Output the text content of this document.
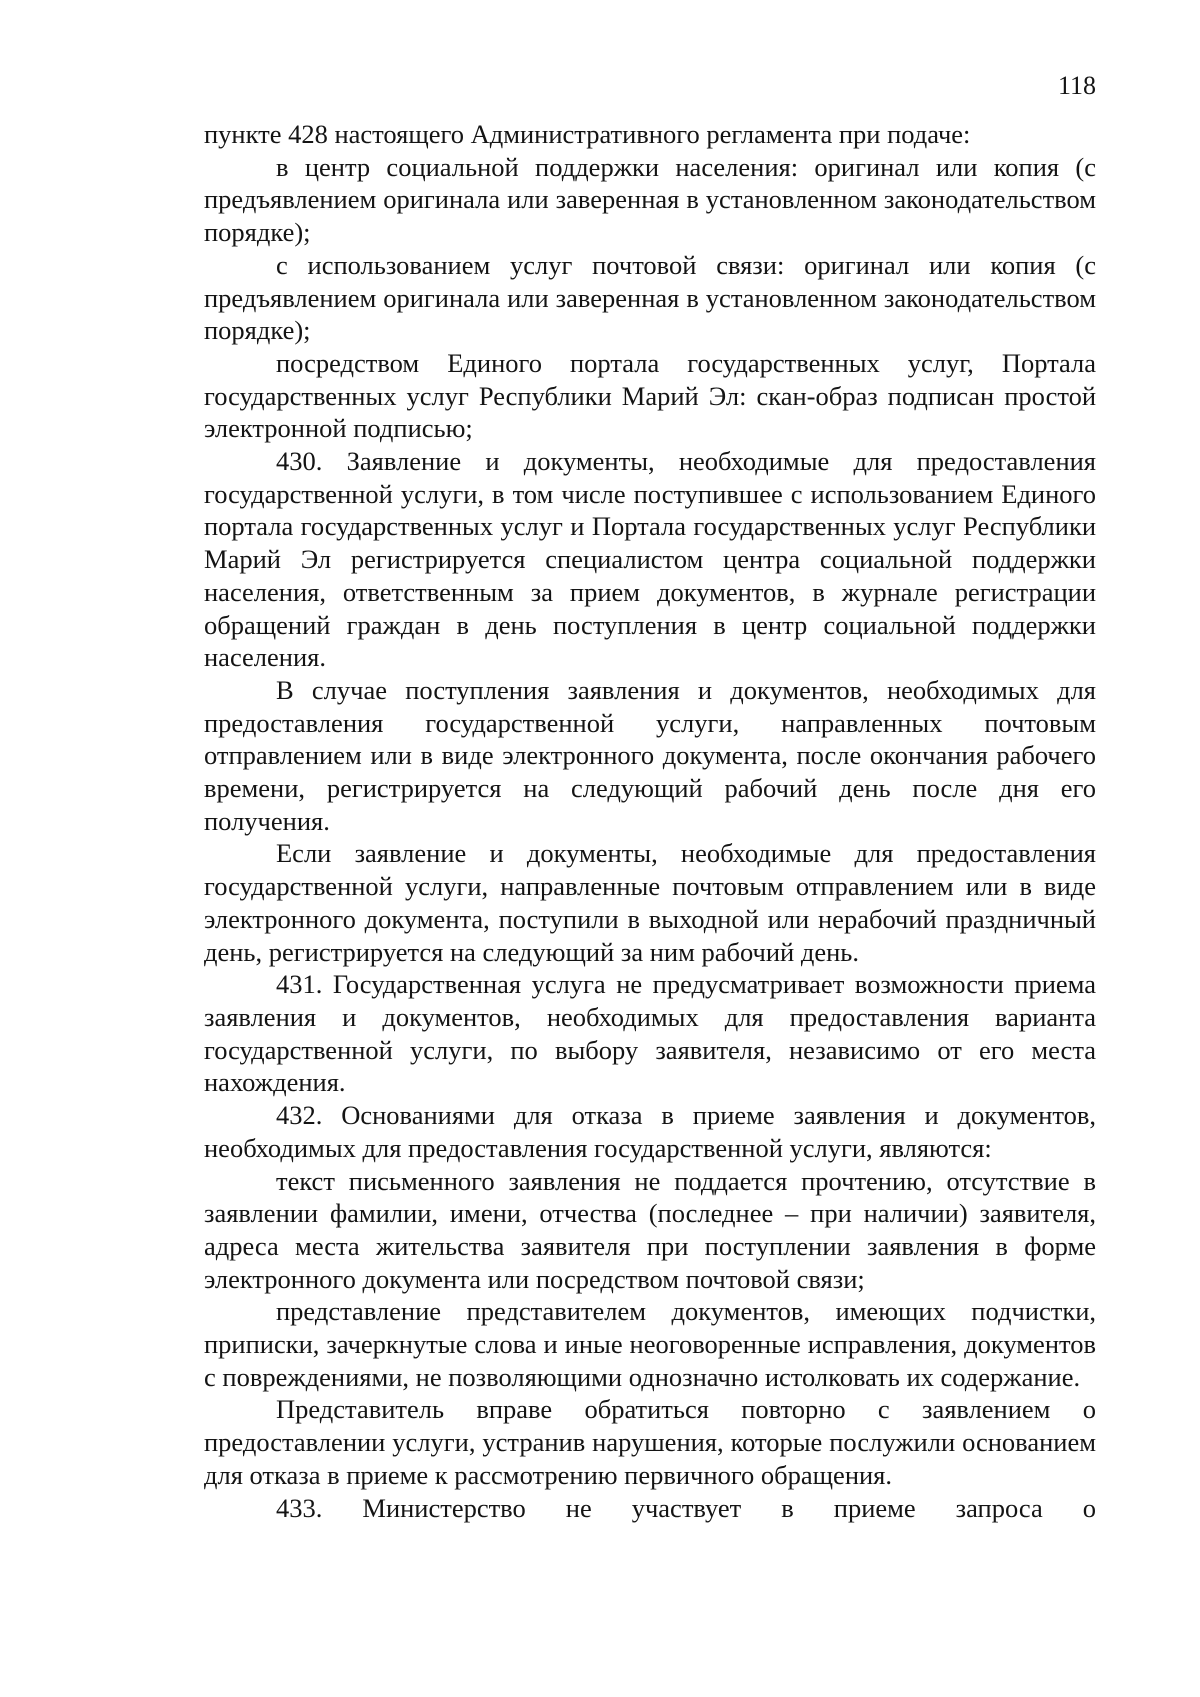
118

пункте 428 настоящего Административного регламента при подаче:

в центр социальной поддержки населения: оригинал или копия (с предъявлением оригинала или заверенная в установленном законодательством порядке);

с использованием услуг почтовой связи: оригинал или копия (с предъявлением оригинала или заверенная в установленном законодательством порядке);

посредством Единого портала государственных услуг, Портала государственных услуг Республики Марий Эл: скан-образ подписан простой электронной подписью;

430. Заявление и документы, необходимые для предоставления государственной услуги, в том числе поступившее с использованием Единого портала государственных услуг и Портала государственных услуг Республики Марий Эл регистрируется специалистом центра социальной поддержки населения, ответственным за прием документов, в журнале регистрации обращений граждан в день поступления в центр социальной поддержки населения.

В случае поступления заявления и документов, необходимых для предоставления государственной услуги, направленных почтовым отправлением или в виде электронного документа, после окончания рабочего времени, регистрируется на следующий рабочий день после дня его получения.

Если заявление и документы, необходимые для предоставления государственной услуги, направленные почтовым отправлением или в виде электронного документа, поступили в выходной или нерабочий праздничный день, регистрируется на следующий за ним рабочий день.

431. Государственная услуга не предусматривает возможности приема заявления и документов, необходимых для предоставления варианта государственной услуги, по выбору заявителя, независимо от его места нахождения.

432. Основаниями для отказа в приеме заявления и документов, необходимых для предоставления государственной услуги, являются:

текст письменного заявления не поддается прочтению, отсутствие в заявлении фамилии, имени, отчества (последнее – при наличии) заявителя, адреса места жительства заявителя при поступлении заявления в форме электронного документа или посредством почтовой связи;

представление представителем документов, имеющих подчистки, приписки, зачеркнутые слова и иные неоговоренные исправления, документов с повреждениями, не позволяющими однозначно истолковать их содержание.

Представитель вправе обратиться повторно с заявлением о предоставлении услуги, устранив нарушения, которые послужили основанием для отказа в приеме к рассмотрению первичного обращения.

433. Министерство не участвует в приеме запроса о
